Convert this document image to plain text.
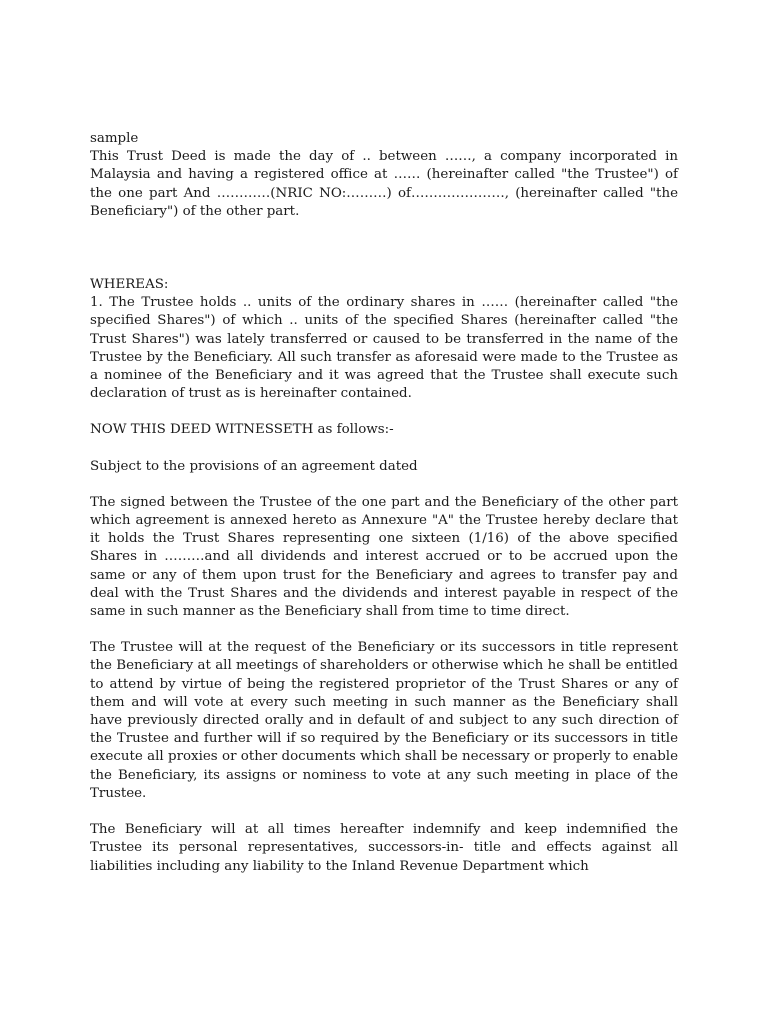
sample

This Trust Deed is made the day of .. between ……, a company incorporated in Malaysia and having a registered office at …… (hereinafter called "the Trustee") of the one part And …………(NRIC NO:………) of…………………, (hereinafter called "the Beneficiary") of the other part.

WHEREAS:

1. The Trustee holds .. units of the ordinary shares in …… (hereinafter called "the specified Shares") of which .. units of the specified Shares (hereinafter called "the Trust Shares") was lately transferred or caused to be transferred in the name of the Trustee by the Beneficiary. All such transfer as aforesaid were made to the Trustee as a nominee of the Beneficiary and it was agreed that the Trustee shall execute such declaration of trust as is hereinafter contained.

NOW THIS DEED WITNESSETH as follows:-

Subject to the provisions of an agreement dated

The signed between the Trustee of the one part and the Beneficiary of the other part which agreement is annexed hereto as Annexure "A" the Trustee hereby declare that it holds the Trust Shares representing one sixteen (1/16) of the above specified Shares in ………and all dividends and interest accrued or to be accrued upon the same or any of them upon trust for the Beneficiary and agrees to transfer pay and deal with the Trust Shares and the dividends and interest payable in respect of the same in such manner as the Beneficiary shall from time to time direct.

The Trustee will at the request of the Beneficiary or its successors in title represent the Beneficiary at all meetings of shareholders or otherwise which he shall be entitled to attend by virtue of being the registered proprietor of the Trust Shares or any of them and will vote at every such meeting in such manner as the Beneficiary shall have previously directed orally and in default of and subject to any such direction of the Trustee and further will if so required by the Beneficiary or its successors in title execute all proxies or other documents which shall be necessary or properly to enable the Beneficiary, its assigns or nominess to vote at any such meeting in place of the Trustee.

The Beneficiary will at all times hereafter indemnify and keep indemnified the Trustee its personal representatives, successors-in- title and effects against all liabilities including any liability to the Inland Revenue Department which
